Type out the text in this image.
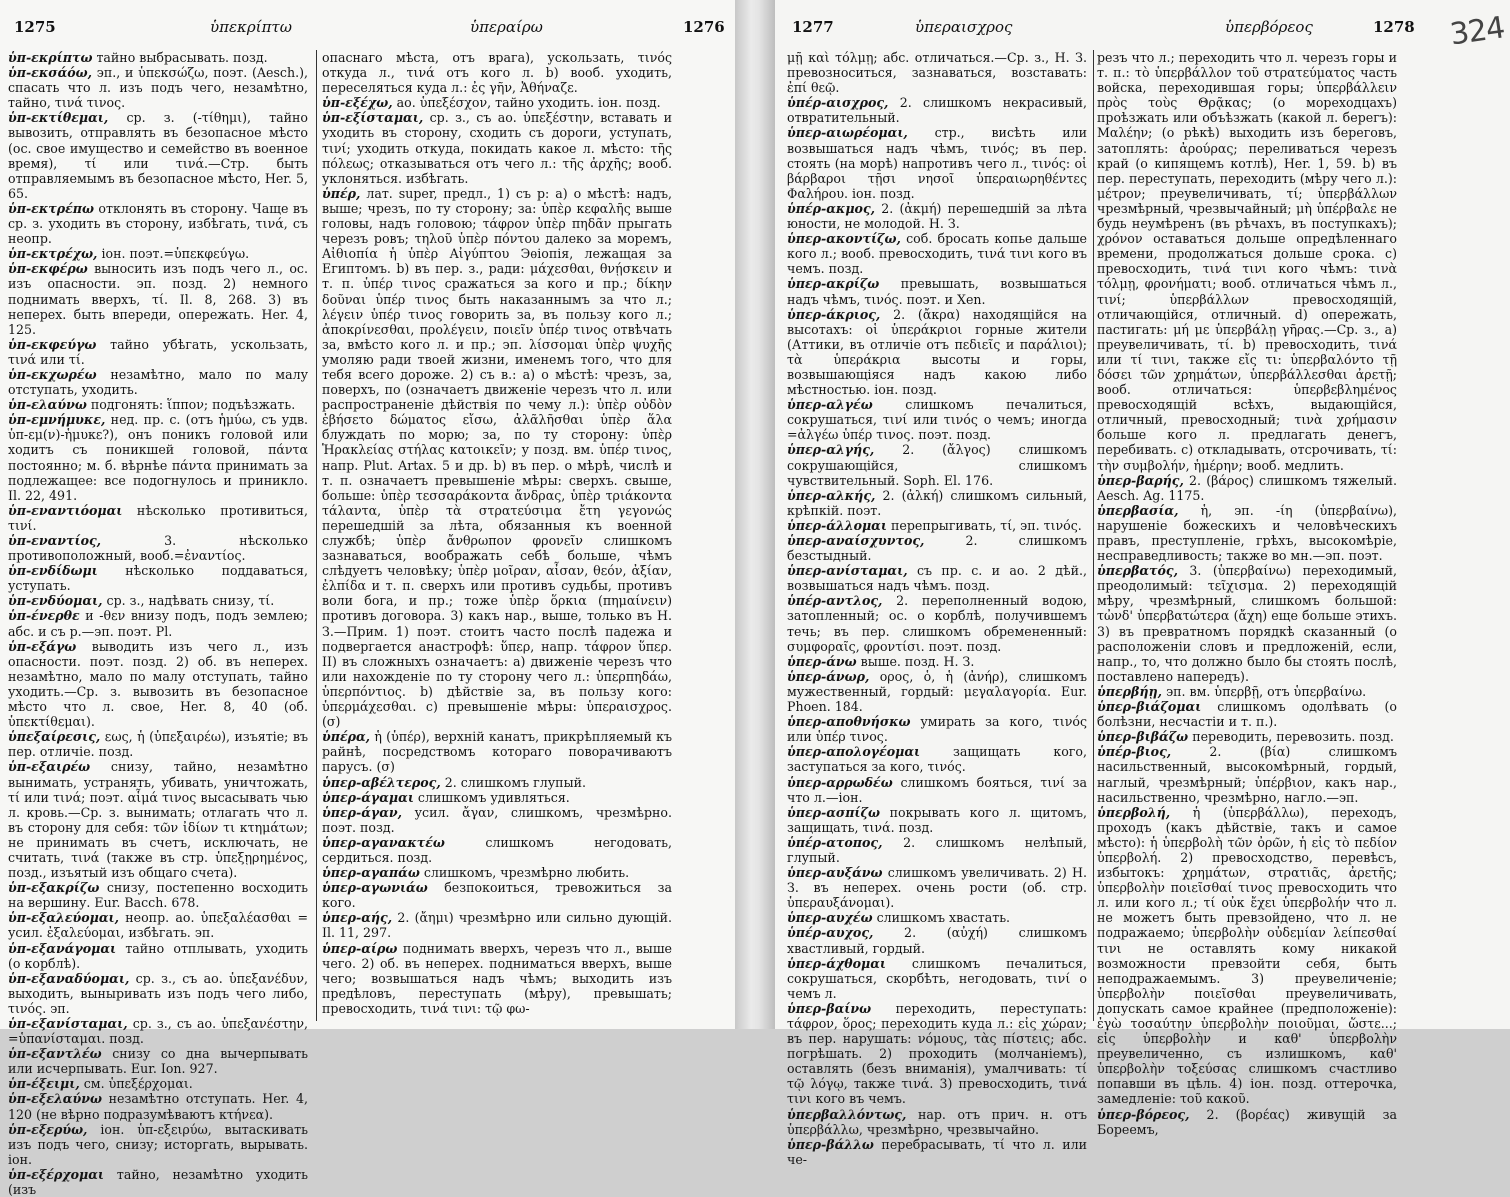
1275	ὑπεκρίπτω	ὑπεραίρω	1276

ὑπ-εκρίπτω тайно выбрасывать. позд.

ὑπ-εκσάόω, эп., и ὑπεκσώζω, поэт. (Aesch.), спасать что л. изъ подъ чего, незамѣтно, тайно, τινά τινος.

ὑπ-εκτίθεμαι, ср. з. (-τίθημι), тайно вывозить, отправлять въ безопасное мѣсто (ос. свое имущество и семейство въ военное время), τί или τινά.—Стр. быть отправляемымъ въ безопасное мѣсто, Her. 5, 65.

ὑπ-εκτρέπω отклонять въ сторону. Чаще въ ср. з. уходить въ сторону, избѣгать, τινά, съ неопр.

ὑπ-εκτρέχω, іон. поэт.=ὑπεκφεύγω.

ὑπ-εκφέρω выносить изъ подъ чего л., ос. изъ опасности. эп. позд. 2) немного поднимать вверхъ, τί. Il. 8, 268. 3) въ неперех. быть впереди, опережать. Her. 4, 125.

ὑπ-εκφεύγω тайно убѣгать, ускользать, τινά или τί.

ὑπ-εκχωρέω незамѣтно, мало по малу отступать, уходить.

ὑπ-ελαύνω подгонять: ἵππον; подъѣзжать.

ὑπ-εμνήμυκε, нед. пр. с. (отъ ἡμύω, съ удв. ὑπ-εμ(ν)-ἡμυκε?), онъ поникъ головой или ходитъ съ поникшей головой, πάντα постоянно; м. б. вѣрнѣе πάντα принимать за подлежащее: все подогнулось и приникло. Il. 22, 491.

ὑπ-εναντιόομαι нѣсколько противиться, τινί.

ὑπ-εναντίος, 3. нѣсколько противоположный, вооб.=ἐναντίος.

ὑπ-ενδίδωμι нѣсколько поддаваться, уступать.

ὑπ-ενδύομαι, ср. з., надѣвать снизу, τί.

ὑπ-ένερθε и -θεν внизу подъ, подъ землею; абс. и съ р.—эп. поэт. Pl.

ὑπ-εξάγω выводить изъ чего л., изъ опасности. поэт. позд. 2) об. въ неперех. незамѣтно, мало по малу отступать, тайно уходить.—Ср. з. вывозить въ безопасное мѣсто что л. свое, Her. 8, 40 (об. ὑπεκτίθεμαι).

ὑπεξαίρεσις, εως, ἡ (ὑπεξαιρέω), изъятіе; въ пер. отличіе. позд.

ὑπ-εξαιρέω снизу, тайно, незамѣтно вынимать, устранять, убивать, уничтожать, τί или τινά; поэт. αἷμά τινος высасывать чью л. кровь.—Ср. з. вынимать; отлагать что л. въ сторону для себя: τῶν ἰδίων τι κτημάτων; не принимать въ счетъ, исключать, не считать, τινά (также въ стр. ὑπεξῃρημένος, позд., изъятый изъ общаго счета).

ὑπ-εξακρίζω снизу, постепенно восходить на вершину. Eur. Bacch. 678.

ὑπ-εξαλεύομαι, неопр. ао. ὑπεξαλέασθαι = усил. ἐξαλεύομαι, избѣгать. эп.

ὑπ-εξανάγομαι тайно отплывать, уходить (о корблѣ).

ὑπ-εξαναδύομαι, ср. з., съ ао. ὑπεξανέδυν, выходить, выныривать изъ подъ чего либо, τινός. эп.

ὑπ-εξανίσταμαι, ср. з., съ ао. ὑπεξανέστην, =ὑπανίσταμαι. позд.

ὑπ-εξαντλέω снизу со дна вычерпывать или исчерпывать. Eur. Ion. 927.

ὑπ-έξειμι, см. ὑπεξέρχομαι.

ὑπ-εξελαύνω незамѣтно отступать. Her. 4, 120 (не вѣрно подразумѣваютъ κτήνεα).

ὑπ-εξερύω, іон. ὑπ-εξειρύω, вытаскивать изъ подъ чего, снизу; исторгать, вырывать. іон.

ὑπ-εξέρχομαι тайно, незамѣтно уходить (изъ

опаснаго мѣста, отъ врага), ускользать, τινός откуда л., τινά отъ кого л. b) вооб. уходить, переселяться куда л.: ἐς γῆν, Ἀθήναζε.

ὑπ-εξέχω, ао. ὑπεξέσχον, тайно уходить. іон. позд.

ὑπ-εξίσταμαι, ср. з., съ ао. ὑπεξέστην, вставать и уходить въ сторону, сходить съ дороги, уступать, τινί; уходить откуда, покидать какое л. мѣсто: τῆς πόλεως; отказываться отъ чего л.: τῆς ἀρχῆς; вооб. уклоняться. избѣгать.

ὑπέρ, лат. super, предл., 1) съ р: а) о мѣстѣ: надъ, выше; чрезъ, по ту сторону; за: ὑπὲρ κεφαλῆς выше головы, надъ головою; τάφρον ὑπὲρ πηδᾶν прыгать черезъ ровъ; τηλοῦ ὑπὲρ πόντου далеко за моремъ, Αἰθιοπία ἡ ὑπὲρ Αἰγύπτου Эѳіопія, лежащая за Египтомъ. b) въ пер. з., ради: μάχεσθαι, θνῄσκειν и т. п. ὑπέρ τινος сражаться за кого и пр.; δίκην δοῦναι ὑπέρ τινος быть наказаннымъ за что л.; λέγειν ὑπέρ τινος говорить за, въ пользу кого л.; ἀποκρίνεσθαι, προλέγειν, ποιεῖν ὑπέρ τινος отвѣчать за, вмѣсто кого л. и пр.; эп. λίσσομαι ὑπὲρ ψυχῆς умоляю ради твоей жизни, именемъ того, что для тебя всего дороже. 2) съ в.: а) о мѣстѣ: чрезъ, за, поверхъ, по (означаетъ движеніе черезъ что л. или распространеніе дѣйствія по чему л.): ὑπὲρ οὐδὸν ἐβήσετο δώματος εἴσω, ἀλᾶλῆσθαι ὑπὲρ ἅλα блуждать по морю; за, по ту сторону: ὑπὲρ Ἡρακλείας στήλας κατοικεῖν; у позд. вм. ὑπέρ τινος, напр. Plut. Artax. 5 и др. b) въ пер. о мѣрѣ, числѣ и т. п. означаетъ превышеніе мѣры: сверхъ. свыше, больше: ὑπὲρ τεσσαράκοντα ἄνδρας, ὑπὲρ τριάκοντα τάλαντα, ὑπὲρ τὰ στρατεύσιμα ἔτη γεγονώς перешедшій за лѣта, обязанныя къ военной службѣ; ὑπὲρ ἄνθρωπον φρονεῖν слишкомъ зазнаваться, воображать себѣ больше, чѣмъ слѣдуетъ человѣку; ὑπὲρ μοῖραν, αἶσαν, θεόν, ἀξίαν, ἐλπίδα и т. п. сверхъ или противъ судьбы, противъ воли бога, и пр.; тоже ὑπὲρ ὅρκια (πημαίνειν) противъ договора. 3) какъ нар., выше, только въ Н. З.—Прим. 1) поэт. стоитъ часто послѣ падежа и подвергается анастрофѣ: ὕπερ, напр. τάφρον ὕπερ. II) въ сложныхъ означаетъ: а) движеніе черезъ что или нахожденіе по ту сторону чего л.: ὑπερπηδάω, ὑπερπόντιος. b) дѣйствіе за, въ пользу кого: ὑπερμάχεσθαι. с) превышеніе мѣры: ὑπεραισχρος. (σ)

ὑπέρα, ἡ (ὑπέρ), верхній канатъ, прикрѣпляемый къ райнѣ, посредствомъ котораго поворачиваютъ парусъ. (σ)

ὑπερ-αβέλτερος, 2. слишкомъ глупый.

ὑπερ-άγαμαι слишкомъ удивляться.

ὑπερ-άγαν, усил. ἄγαν, слишкомъ, чрезмѣрно. поэт. позд.

ὑπερ-αγανακτέω слишкомъ негодовать, сердиться. позд.

ὑπερ-αγαπάω слишкомъ, чрезмѣрно любить.

ὑπερ-αγωνιάω безпокоиться, тревожиться за кого.

ὑπερ-αής, 2. (ἄημι) чрезмѣрно или сильно дующій. Il. 11, 297.

ὑπερ-αίρω поднимать вверхъ, черезъ что л., выше чего. 2) об. въ неперех. подниматься вверхъ, выше чего; возвышаться надъ чѣмъ; выходить изъ предѣловъ, переступать (мѣру), превышать; превосходить, τινά τινι: τῷ φω-

1277	ὑπεραισχρος	ὑπερβόρεος	1278 324

μῇ καὶ τόλμῃ; абс. отличаться.—Ср. з., Н. З. превозноситься, зазнаваться, возставать: ἐπί θεῷ.

ὑπέρ-αισχρος, 2. слишкомъ некрасивый, отвратительный.

ὑπερ-αιωρέομαι, стр., висѣть или возвышаться надъ чѣмъ, τινός; въ пер. стоять (на морѣ) напротивъ чего л., τινός: οἱ βάρβαροι τῇσι νησοῖ ὑπεραιωρηθέντες Φαλήρου. іон. позд.

ὑπέρ-ακμος, 2. (ἀκμή) перешедшій за лѣта юности, не молодой. Н. З.

ὑπερ-ακοντίζω, соб. бросать копье дальше кого л.; вооб. превосходить, τινά τινι кого въ чемъ. позд.

ὑπερ-ακρίζω превышать, возвышаться надъ чѣмъ, τινός. поэт. и Xen.

ὑπερ-άκριος, 2. (ἄκρα) находящійся на высотахъ: οἱ ὑπεράκριοι горные жители (Аттики, въ отличіе отъ πεδιεῖς и παράλιοι); τὰ ὑπεράκρια высоты и горы, возвышающіяся надъ какою либо мѣстностью. іон. позд.

ὑπερ-αλγέω слишкомъ печалиться, сокрушаться, τινί или τινός о чемъ; иногда =ἀλγέω ὑπέρ τινος. поэт. позд.

ὑπερ-αλγής, 2. (ἄλγος) слишкомъ сокрушающійся, слишкомъ чувствительный. Soph. El. 176.

ὑπερ-αλκής, 2. (ἀλκή) слишкомъ сильный, крѣпкій. поэт.

ὑπερ-άλλομαι перепрыгивать, τί, эп. τινός.

ὑπερ-αναίσχυντος, 2. слишкомъ безстыдный.

ὑπερ-ανίσταμαι, съ пр. с. и ао. 2 дѣй., возвышаться надъ чѣмъ. позд.

ὑπέρ-αντλος, 2. переполненный водою, затопленный; ос. о корблѣ, получившемъ течь; въ пер. слишкомъ обремененный: συμφοραῖς, φροντίσι. поэт. позд.

ὑπερ-άνω выше. позд. Н. З.

ὑπερ-άνωρ, ορος, ὁ, ἡ (ἀνήρ), слишкомъ мужественный, гордый: μεγαλαγορία. Eur. Phoen. 184.

ὑπερ-αποθνήσκω умирать за кого, τινός или ὑπέρ τινος.

ὑπερ-απολογέομαι защищать кого, заступаться за кого, τινός.

ὑπερ-αρρωδέω слишкомъ бояться, τινί за что л.—іон.

ὑπερ-ασπίζω покрывать кого л. щитомъ, защищать, τινά. позд.

ὑπέρ-ατοπος, 2. слишкомъ нелѣпый, глупый.

ὑπερ-αυξάνω слишкомъ увеличивать. 2) Н. З. въ неперех. очень рости (об. стр. ὑπεραυξάνομαι).

ὑπερ-αυχέω слишкомъ хвастать.

ὑπέρ-αυχος, 2. (αὐχή) слишкомъ хвастливый, гордый.

ὑπερ-άχθομαι слишкомъ печалиться, сокрушаться, скорбѣть, негодовать, τινί о чемъ л.

ὑπερ-βαίνω переходить, переступать: τάφρον, ὅρος; переходить куда л.: εἰς χώραν; въ пер. нарушать: νόμους, τὰς πίστεις; абс. погрѣшать. 2) проходить (молчаніемъ), оставлять (безъ вниманія), умалчивать: τί τῷ λόγῳ, также τινά. 3) превосходить, τινά τινι кого въ чемъ.

ὑπερβαλλόντως, нар. отъ прич. н. отъ ὑπερβάλλω, чрезмѣрно, чрезвычайно.

ὑπερ-βάλλω перебрасывать, τί что л. или че-

резъ что л.; переходить что л. черезъ горы и т. п.: τὸ ὑπερβάλλον τοῦ στρατεύματος часть войска, переходившая горы; ὑπερβάλλειν πρὸς τοὺς Θρᾷκας; (о мореходцахъ) проѣзжать или объѣзжать (какой л. берегъ): Μαλέην; (о рѣкѣ) выходить изъ береговъ, затоплять: ἀρούρας; переливаться черезъ край (о кипящемъ котлѣ), Her. 1, 59. b) въ пер. переступать, переходить (мѣру чего л.): μέτρον; преувеличивать, τί; ὑπερβάλλων чрезмѣрный, чрезвычайный; μὴ ὑπέρβαλε не будь неумѣренъ (въ рѣчахъ, въ поступкахъ); χρόνον оставаться дольше опредѣленнаго времени, продолжаться дольше срока. с) превосходить, τινά τινι кого чѣмъ: τινὰ τόλμῃ, φρονήματι; вооб. отличаться чѣмъ л., τινί; ὑπερβάλλων превосходящій, отличающійся, отличный. d) опережать, пастигать: μή με ὑπερβάλῃ γῆρας.—Ср. з., а) преувеличивать, τί. b) превосходить, τινά или τί τινι, также εἴς τι: ὑπερβαλόντο τῇ δόσει τῶν χρημάτων, ὑπερβάλλεσθαι ἀρετῇ; вооб. отличаться: ὑπερβεβλημένος превосходящій всѣхъ, выдающійся, отличный, превосходный; τινὰ χρήμασιν больше кого л. предлагать денегъ, перебивать. с) откладывать, отсрочивать, τί: τὴν συμβολήν, ἡμέρην; вооб. медлить.

ὑπερ-βαρής, 2. (βάρος) слишкомъ тяжелый. Aesch. Ag. 1175.

ὑπερβασία, ἡ, эп. -ίη (ὑπερβαίνω), нарушеніе божескихъ и человѣческихъ правъ, преступленіе, грѣхъ, высокомѣріе, несправедливость; также во мн.—эп. поэт.

ὑπερβατός, 3. (ὑπερβαίνω) переходимый, преодолимый: τεῖχισμα. 2) переходящій мѣру, чрезмѣрный, слишкомъ большой: τὠνδ' ὑπερβατώτερα (ἄχη) еще больше этихъ. 3) въ превратномъ порядкѣ сказанный (о расположеніи словъ и предложеній, если, напр., то, что должно было бы стоять послѣ, поставлено напередъ).

ὑπερβήῃ, эп. вм. ὑπερβῇ, отъ ὑπερβαίνω.

ὑπερ-βιάζομαι слишкомъ одолѣвать (о болѣзни, несчастіи и т. п.).

ὑπερ-βιβάζω переводить, перевозить. позд.

ὑπέρ-βιος, 2. (βία) слишкомъ насильственный, высокомѣрный, гордый, наглый, чрезмѣрный; ὑπέρβιον, какъ нар., насильственно, чрезмѣрно, нагло.—эп.

ὑπερβολή, ἡ (ὑπερβάλλω), переходъ, проходъ (какъ дѣйствіе, такъ и самое мѣсто): ἡ ὑπερβολὴ τῶν ὀρῶν, ἡ εἰς τὸ πεδίον ὑπερβολή. 2) превосходство, перевѣсъ, избытокъ: χρημάτων, στρατιᾶς, ἀρετῆς; ὑπερβολὴν ποιεῖσθαί τινος превосходить что л. или кого л.; τί οὐκ ἔχει ὑπερβολήν что л. не можетъ быть превзойдено, что л. не подражаемо; ὑπερβολὴν οὐδεμίαν λείπεσθαί τινι не оставлять кому никакой возможности превзойти себя, быть неподражаемымъ. 3) преувеличеніе; ὑπερβολὴν ποιεῖσθαι преувеличивать, допускать самое крайнее (предположеніе): ἐγὼ τοσαύτην ὑπερβολὴν ποιοῦμαι, ὥστε...; εἰς ὑπερβολὴν и καθ' ὑπερβολὴν преувеличенно, съ излишкомъ, καθ' ὑπερβολὴν τοξεύσας слишкомъ счастливо попавши въ цѣль. 4) іон. позд. оттерочка, замедленіе: τοῦ κακοῦ.

ὑπερ-βόρεος, 2. (βορέας) живущій за Бореемъ,
